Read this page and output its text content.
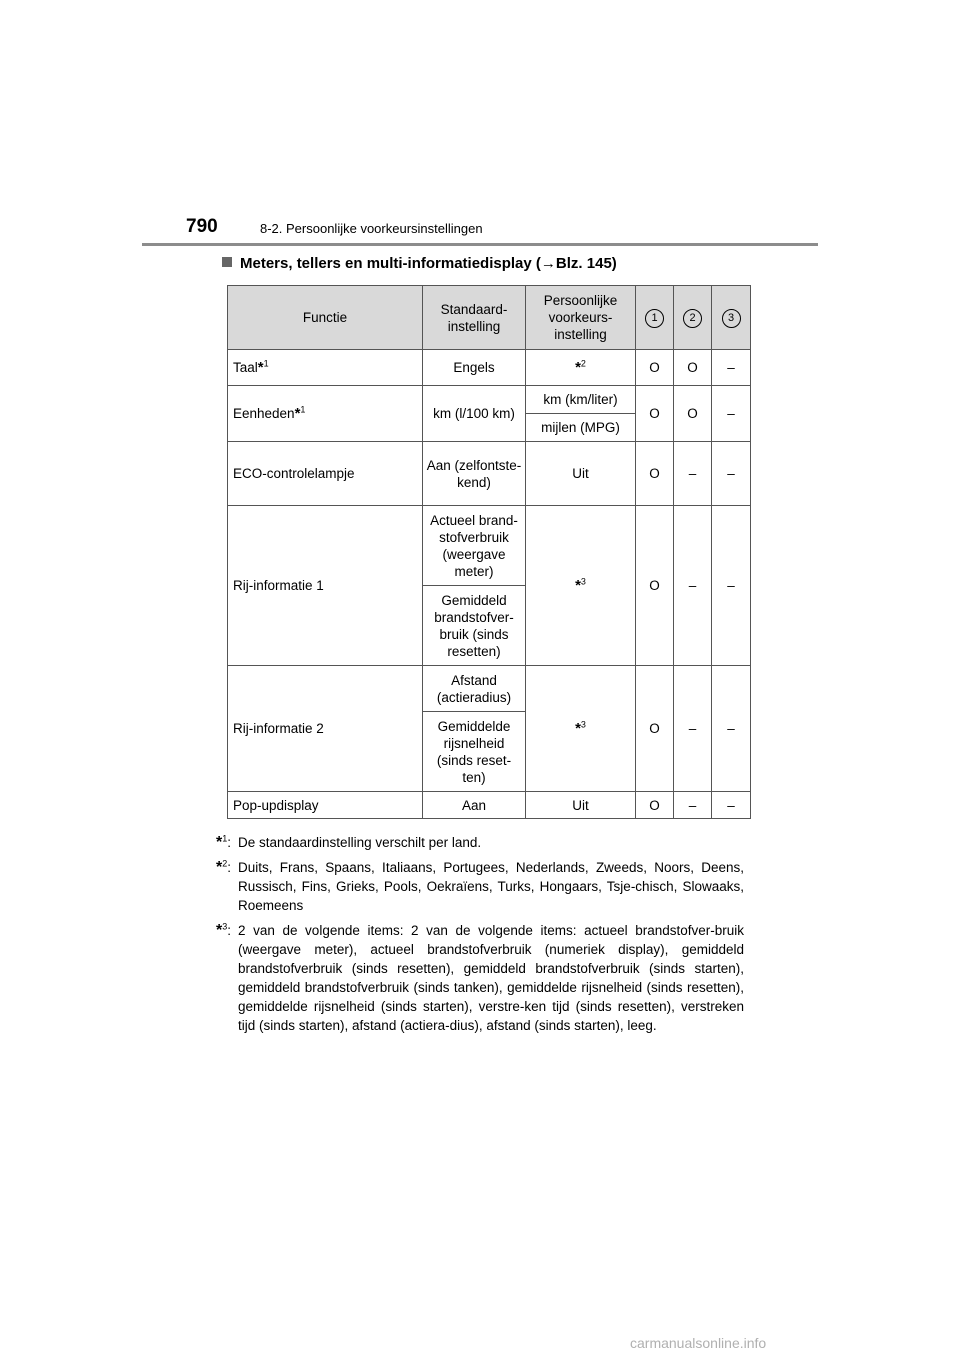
790	8-2. Persoonlijke voorkeursinstellingen
Meters, tellers en multi-informatiedisplay (→Blz. 145)
Functie	Standaard-instelling	Persoonlijke voorkeurs-instelling	1	2	3
Taal*$^1$	Engels	*$^2$	O	O	–
Eenheden*$^1$	km (l/100 km)	km (km/liter)	O	O	–
		mijlen (MPG)			
ECO-controlelampje	Aan (zelfontste-kend)	Uit	O	–	–
Rij-informatie 1	Actueel brand-stofverbruik (weergave meter)	*$^3$	O	–	–
	Gemiddeld brandstofver-bruik (sinds resetten)				
Rij-informatie 2	Afstand (actieradius)	*$^3$	O	–	–
	Gemiddelde rijsnelheid (sinds reset-ten)				
Pop-updisplay	Aan	Uit	O	–	–
*$^1$: De standaardinstelling verschilt per land.
*$^2$: Duits, Frans, Spaans, Italiaans, Portugees, Nederlands, Zweeds, Noors, Deens, Russisch, Fins, Grieks, Pools, Oekraïens, Turks, Hongaars, Tsje-chisch, Slowaaks, Roemeens
*$^3$: 2 van de volgende items: 2 van de volgende items: actueel brandstofver-bruik (weergave meter), actueel brandstofverbruik (numeriek display), gemiddeld brandstofverbruik (sinds resetten), gemiddeld brandstofverbruik (sinds starten), gemiddeld brandstofverbruik (sinds tanken), gemiddelde rijsnelheid (sinds resetten), gemiddelde rijsnelheid (sinds starten), verstre-ken tijd (sinds resetten), verstreken tijd (sinds starten), afstand (actiera-dius), afstand (sinds starten), leeg.
carmanualsonline.info
